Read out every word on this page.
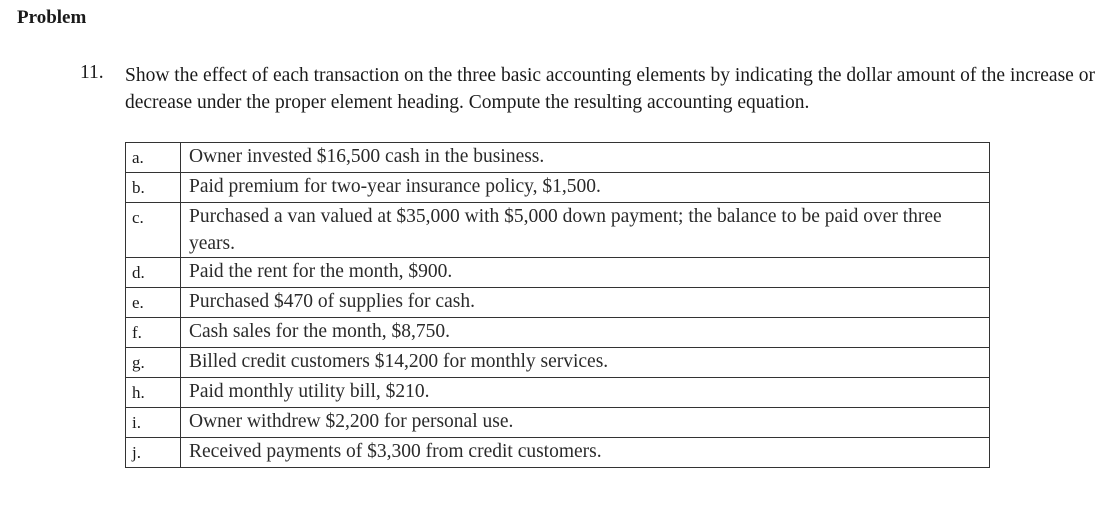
Problem
11. Show the effect of each transaction on the three basic accounting elements by indicating the dollar amount of the increase or decrease under the proper element heading. Compute the resulting accounting equation.

a.	Owner invested $16,500 cash in the business.
b.	Paid premium for two-year insurance policy, $1,500.
c.	Purchased a van valued at $35,000 with $5,000 down payment; the balance to be paid over three years.
d.	Paid the rent for the month, $900.
e.	Purchased $470 of supplies for cash.
f.	Cash sales for the month, $8,750.
g.	Billed credit customers $14,200 for monthly services.
h.	Paid monthly utility bill, $210.
i.	Owner withdrew $2,200 for personal use.
j.	Received payments of $3,300 from credit customers.
